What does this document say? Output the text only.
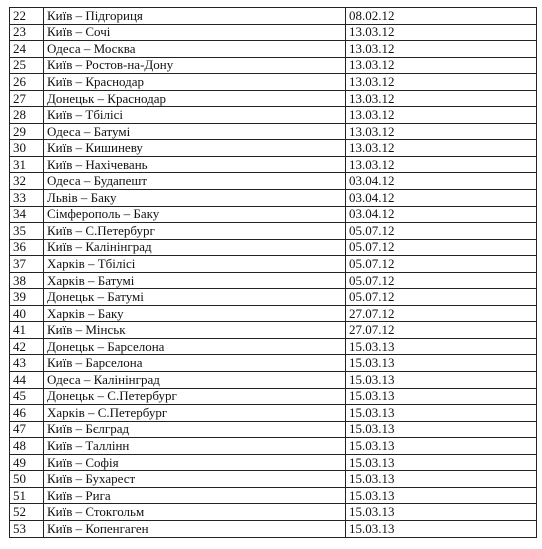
22	Київ – Підгориця	08.02.12
23	Київ – Сочі	13.03.12
24	Одеса – Москва	13.03.12
25	Київ – Ростов-на-Дону	13.03.12
26	Київ – Краснодар	13.03.12
27	Донецьк – Краснодар	13.03.12
28	Київ – Тбілісі	13.03.12
29	Одеса – Батумі	13.03.12
30	Київ – Кишиневу	13.03.12
31	Київ – Нахічевань	13.03.12
32	Одеса – Будапешт	03.04.12
33	Львів – Баку	03.04.12
34	Сімферополь – Баку	03.04.12
35	Київ – С.Петербург	05.07.12
36	Київ – Калінінград	05.07.12
37	Харків – Тбілісі	05.07.12
38	Харків – Батумі	05.07.12
39	Донецьк – Батумі	05.07.12
40	Харків – Баку	27.07.12
41	Київ – Мінськ	27.07.12
42	Донецьк – Барселона	15.03.13
43	Київ – Барселона	15.03.13
44	Одеса – Калінінград	15.03.13
45	Донецьк – С.Петербург	15.03.13
46	Харків – С.Петербург	15.03.13
47	Київ – Бєлград	15.03.13
48	Київ – Таллінн	15.03.13
49	Київ – Софія	15.03.13
50	Київ – Бухарест	15.03.13
51	Київ – Рига	15.03.13
52	Київ – Стокгольм	15.03.13
53	Київ – Копенгаген	15.03.13
